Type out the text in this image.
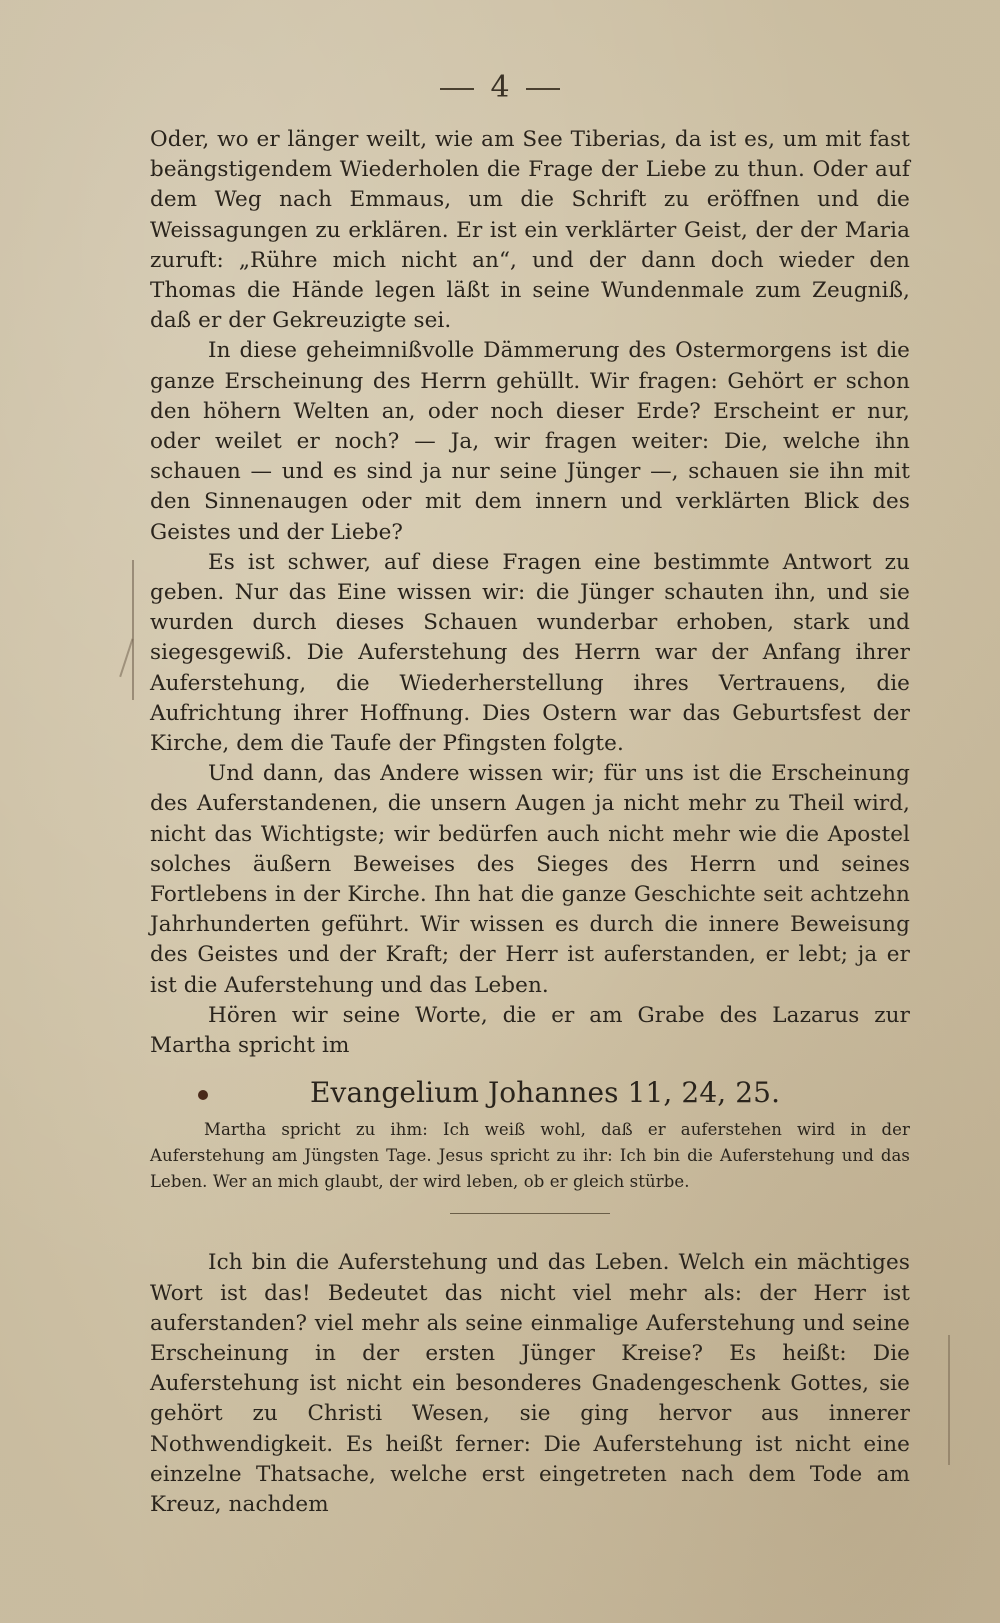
4

Oder, wo er länger weilt, wie am See Tiberias, da ist es, um mit fast beängstigendem Wiederholen die Frage der Liebe zu thun. Oder auf dem Weg nach Emmaus, um die Schrift zu eröffnen und die Weissagungen zu erklären. Er ist ein verklärter Geist, der der Maria zuruft: „Rühre mich nicht an“, und der dann doch wieder den Thomas die Hände legen läßt in seine Wundenmale zum Zeugniß, daß er der Gekreuzigte sei.

In diese geheimnißvolle Dämmerung des Ostermorgens ist die ganze Erscheinung des Herrn gehüllt. Wir fragen: Gehört er schon den höhern Welten an, oder noch dieser Erde? Erscheint er nur, oder weilet er noch? — Ja, wir fragen weiter: Die, welche ihn schauen — und es sind ja nur seine Jünger —, schauen sie ihn mit den Sinnenaugen oder mit dem innern und verklärten Blick des Geistes und der Liebe?

Es ist schwer, auf diese Fragen eine bestimmte Antwort zu geben. Nur das Eine wissen wir: die Jünger schauten ihn, und sie wurden durch dieses Schauen wunderbar erhoben, stark und siegesgewiß. Die Auferstehung des Herrn war der Anfang ihrer Auferstehung, die Wiederherstellung ihres Vertrauens, die Aufrichtung ihrer Hoffnung. Dies Ostern war das Geburtsfest der Kirche, dem die Taufe der Pfingsten folgte.

Und dann, das Andere wissen wir; für uns ist die Erscheinung des Auferstandenen, die unsern Augen ja nicht mehr zu Theil wird, nicht das Wichtigste; wir bedürfen auch nicht mehr wie die Apostel solches äußern Beweises des Sieges des Herrn und seines Fortlebens in der Kirche. Ihn hat die ganze Geschichte seit achtzehn Jahrhunderten geführt. Wir wissen es durch die innere Beweisung des Geistes und der Kraft; der Herr ist auferstanden, er lebt; ja er ist die Auferstehung und das Leben.

Hören wir seine Worte, die er am Grabe des Lazarus zur Martha spricht im

Evangelium Johannes 11, 24, 25.

Martha spricht zu ihm: Ich weiß wohl, daß er auferstehen wird in der Auferstehung am Jüngsten Tage. Jesus spricht zu ihr: Ich bin die Auferstehung und das Leben. Wer an mich glaubt, der wird leben, ob er gleich stürbe.

Ich bin die Auferstehung und das Leben. Welch ein mächtiges Wort ist das! Bedeutet das nicht viel mehr als: der Herr ist auferstanden? viel mehr als seine einmalige Auferstehung und seine Erscheinung in der ersten Jünger Kreise? Es heißt: Die Auferstehung ist nicht ein besonderes Gnadengeschenk Gottes, sie gehört zu Christi Wesen, sie ging hervor aus innerer Nothwendigkeit. Es heißt ferner: Die Auferstehung ist nicht eine einzelne Thatsache, welche erst eingetreten nach dem Tode am Kreuz, nachdem
